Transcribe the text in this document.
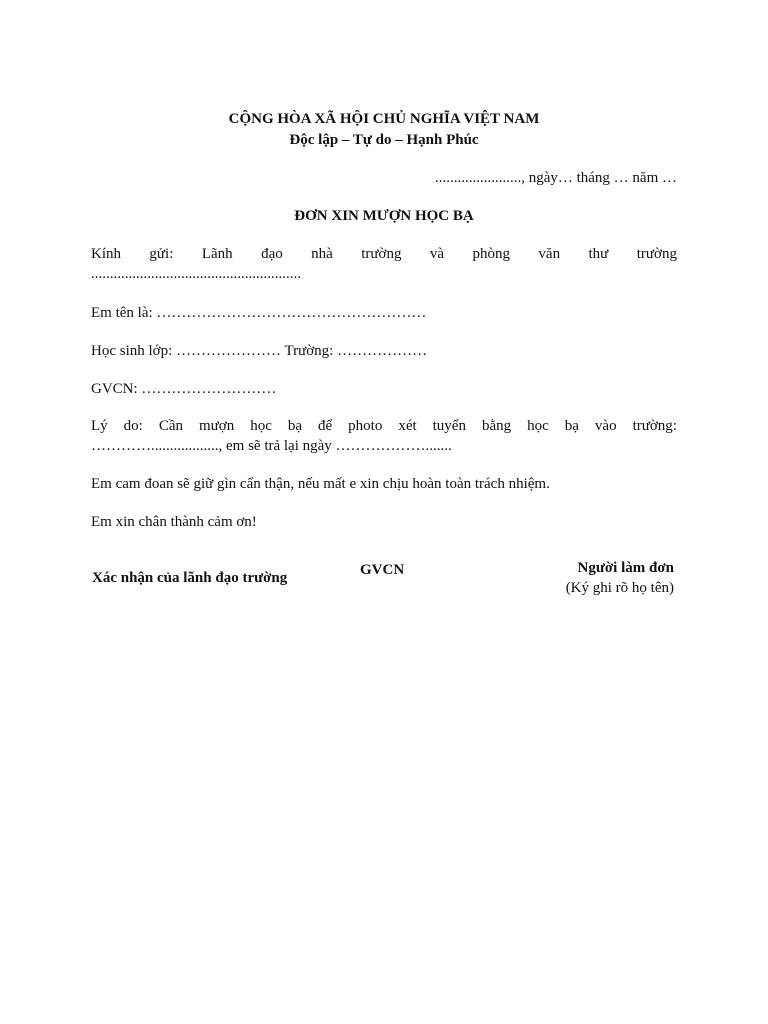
CỘNG HÒA XÃ HỘI CHỦ NGHĨA VIỆT NAM
Độc lập – Tự do – Hạnh Phúc
......................., ngày… tháng … năm …
ĐƠN XIN MƯỢN HỌC BẠ
Kính gửi: Lãnh đạo nhà trường và phòng văn thư trường
........................................................
Em tên là: ………………………………………………
Học sinh lớp: ………………… Trường: ………………
GVCN: ………………………
Lý do: Cần mượn học bạ để photo xét tuyển bằng học bạ vào trường:
………….................., em sẽ trả lại ngày ……………….......
Em cam đoan sẽ giữ gìn cẩn thận, nếu mất e xin chịu hoàn toàn trách nhiệm.
Em xin chân thành cảm ơn!
Xác nhận của lãnh đạo trường	GVCN	Người làm đơn
(Ký ghi rõ họ tên)
